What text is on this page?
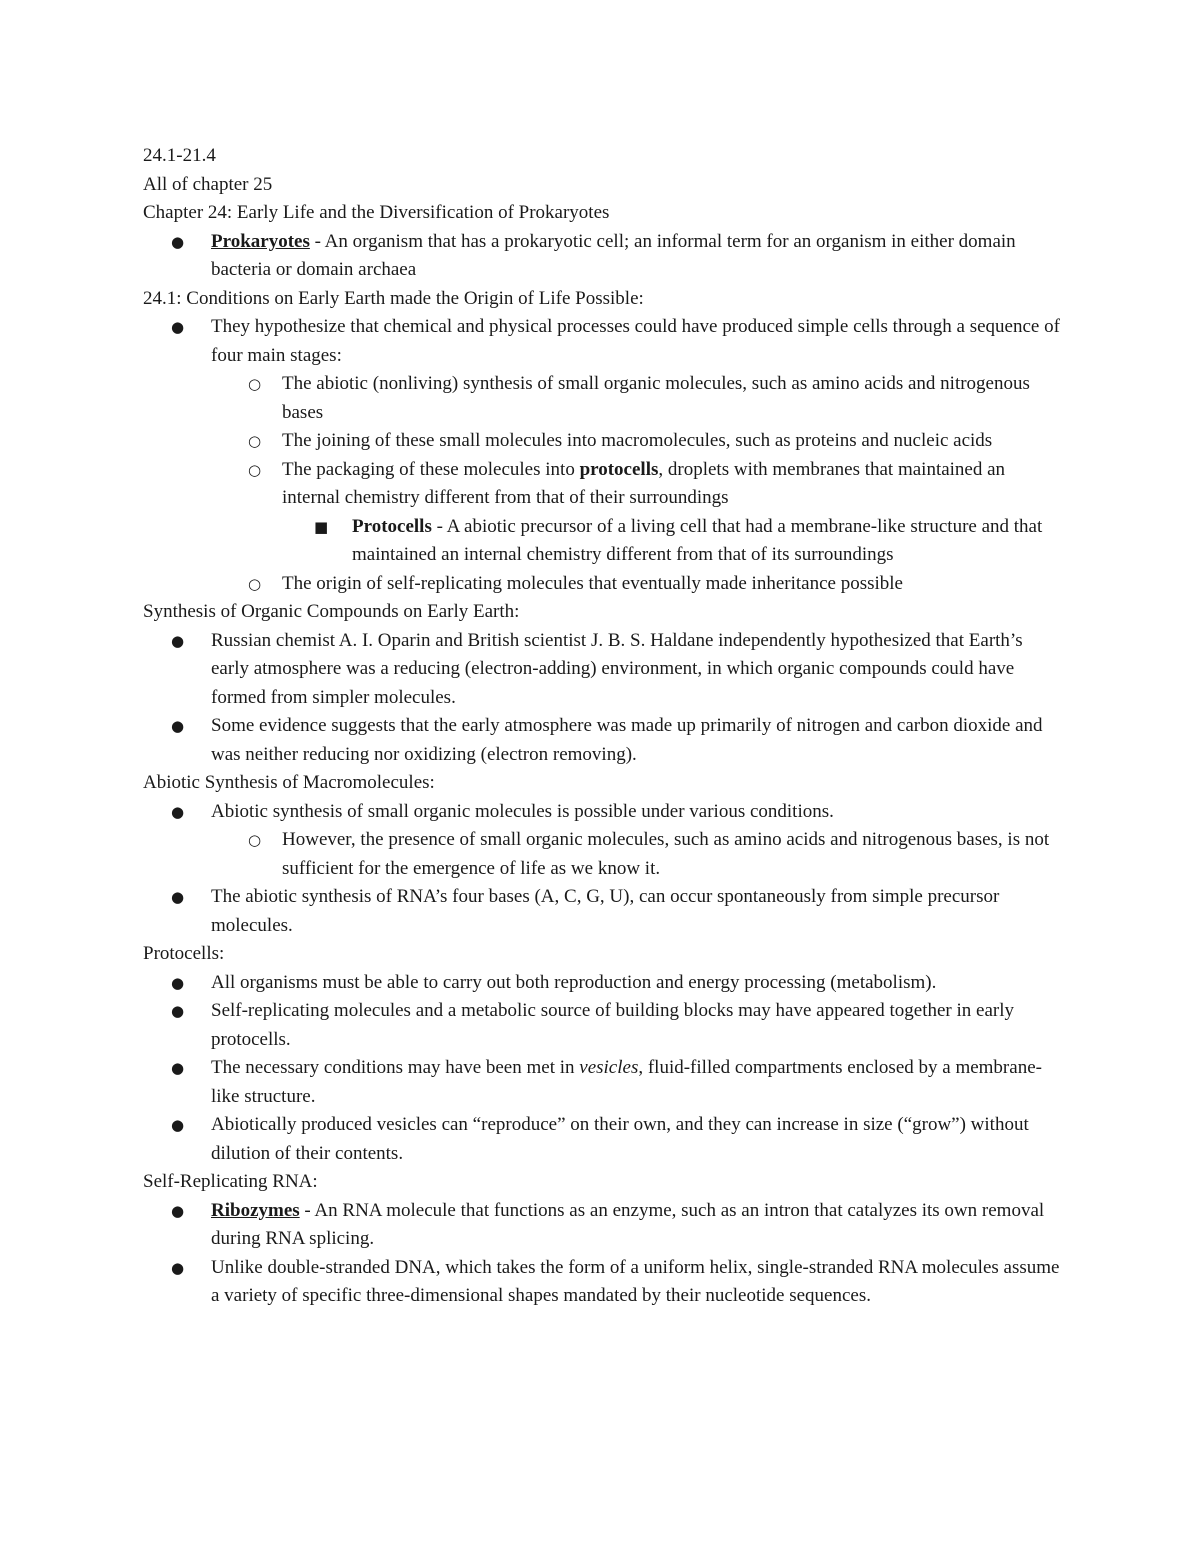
24.1-21.4

All of chapter 25

Chapter 24: Early Life and the Diversification of Prokaryotes

● Prokaryotes - An organism that has a prokaryotic cell; an informal term for an organism in either domain bacteria or domain archaea

24.1: Conditions on Early Earth made the Origin of Life Possible:

● They hypothesize that chemical and physical processes could have produced simple cells through a sequence of four main stages:
○ The abiotic (nonliving) synthesis of small organic molecules, such as amino acids and nitrogenous bases
○ The joining of these small molecules into macromolecules, such as proteins and nucleic acids
○ The packaging of these molecules into protocells, droplets with membranes that maintained an internal chemistry different from that of their surroundings
■ Protocells - A abiotic precursor of a living cell that had a membrane-like structure and that maintained an internal chemistry different from that of its surroundings
○ The origin of self-replicating molecules that eventually made inheritance possible

Synthesis of Organic Compounds on Early Earth:

● Russian chemist A. I. Oparin and British scientist J. B. S. Haldane independently hypothesized that Earth’s early atmosphere was a reducing (electron-adding) environment, in which organic compounds could have formed from simpler molecules.
● Some evidence suggests that the early atmosphere was made up primarily of nitrogen and carbon dioxide and was neither reducing nor oxidizing (electron removing).

Abiotic Synthesis of Macromolecules:

● Abiotic synthesis of small organic molecules is possible under various conditions.
○ However, the presence of small organic molecules, such as amino acids and nitrogenous bases, is not sufficient for the emergence of life as we know it.
● The abiotic synthesis of RNA’s four bases (A, C, G, U), can occur spontaneously from simple precursor molecules.

Protocells:

● All organisms must be able to carry out both reproduction and energy processing (metabolism).
● Self-replicating molecules and a metabolic source of building blocks may have appeared together in early protocells.
● The necessary conditions may have been met in vesicles, fluid-filled compartments enclosed by a membrane-like structure.
● Abiotically produced vesicles can “reproduce” on their own, and they can increase in size (“grow”) without dilution of their contents.

Self-Replicating RNA:

● Ribozymes - An RNA molecule that functions as an enzyme, such as an intron that catalyzes its own removal during RNA splicing.
● Unlike double-stranded DNA, which takes the form of a uniform helix, single-stranded RNA molecules assume a variety of specific three-dimensional shapes mandated by their nucleotide sequences.
